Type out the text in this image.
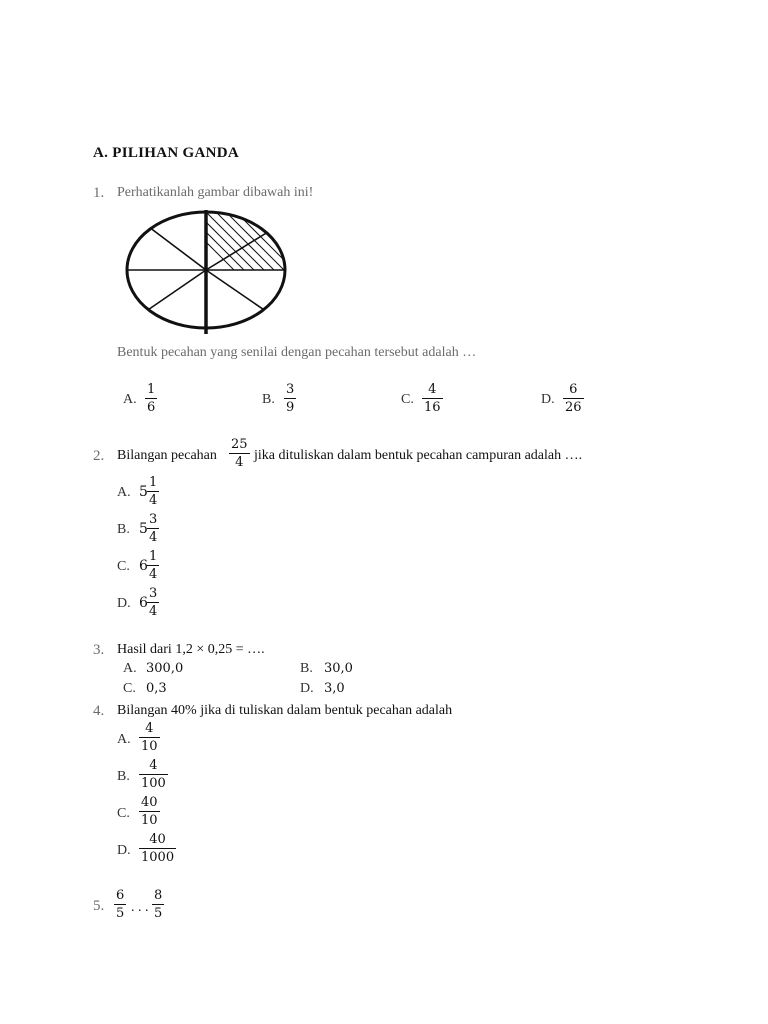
A. PILIHAN GANDA
1. Perhatikanlah gambar dibawah ini!
Bentuk pecahan yang senilai dengan pecahan tersebut adalah …
A.
1
6
B.
3
9
C.
4
16
D.
6
26
2. Bilangan pecahan
25
4 jika dituliskan dalam bentuk pecahan campuran adalah ….
A. 5
1
4
B. 5
3
4
C. 6
1
4
D. 6
3
4
3. Hasil dari 1,2 × 0,25 = ….
A. 300,0	B. 30,0
C. 0,3	D. 3,0
4. Bilangan 40% jika di tuliskan dalam bentuk pecahan adalah
A.
4
10
B.
4
100
C.
40
10
D.
40
1000
5.
6
5 . . .
8
5
